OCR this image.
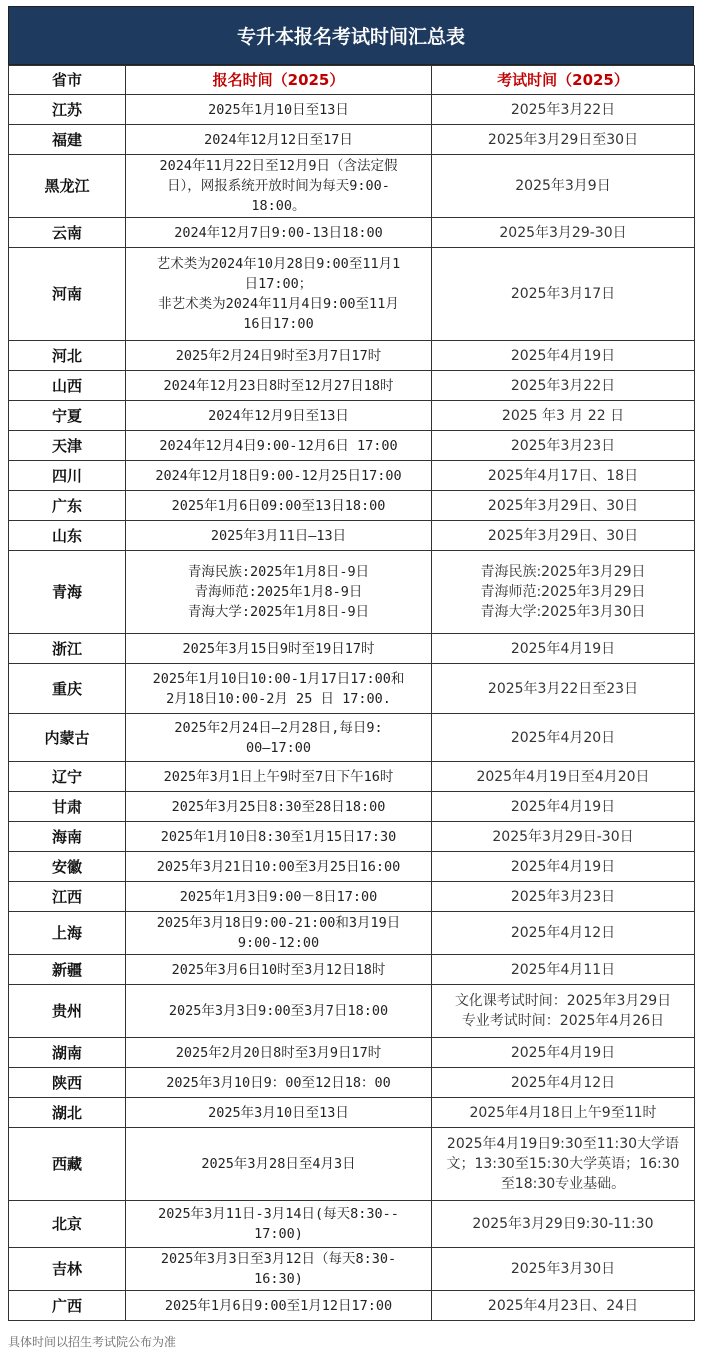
专升本报名考试时间汇总表
省市	报名时间（2025）	考试时间（2025）
江苏	2025年1月10日至13日	2025年3月22日

福建	2024年12月12日至17日	2025年3月29日至30日

黑龙江	2024年11月22日至12月9日（含法定假
日），网报系统开放时间为每天9:00-
18:00。	2025年3月9日

云南	2024年12月7日9:00-13日18:00	2025年3月29-30日

河南	艺术类为2024年10月28日9:00至11月1
日17:00；
非艺术类为2024年11月4日9:00至11月
16日17:00	2025年3月17日

河北	2025年2月24日9时至3月7日17时	2025年4月19日

山西	2024年12月23日8时至12月27日18时	2025年3月22日

宁夏	2024年12月9日至13日	2025 年3 月 22 日

天津	2024年12月4日9:00-12月6日 17:00	2025年3月23日

四川	2024年12月18日9:00-12月25日17:00	2025年4月17日、18日

广东	2025年1月6日09:00至13日18:00	2025年3月29日、30日

山东	2025年3月11日—13日	2025年3月29日、30日

青海	青海民族:2025年1月8日-9日
青海师范:2025年1月8-9日
青海大学:2025年1月8日-9日	青海民族:2025年3月29日
青海师范:2025年3月29日
青海大学:2025年3月30日

浙江	2025年3月15日9时至19日17时	2025年4月19日

重庆	2025年1月10日10:00-1月17日17:00和
2月18日10:00-2月 25 日 17:00.	2025年3月22日至23日

内蒙古	2025年2月24日—2月28日,每日9:
00—17:00	2025年4月20日

辽宁	2025年3月1日上午9时至7日下午16时	2025年4月19日至4月20日

甘肃	2025年3月25日8:30至28日18:00	2025年4月19日

海南	2025年1月10日8:30至1月15日17:30	2025年3月29日-30日

安徽	2025年3月21日10:00至3月25日16:00	2025年4月19日

江西	2025年1月3日9:00－8日17:00	2025年3月23日

上海	2025年3月18日9:00-21:00和3月19日
9:00-12:00	2025年4月12日

新疆	2025年3月6日10时至3月12日18时	2025年4月11日

贵州	2025年3月3日9:00至3月7日18:00	文化课考试时间：2025年3月29日
专业考试时间：2025年4月26日

湖南	2025年2月20日8时至3月9日17时	2025年4月19日

陕西	2025年3月10日9：00至12日18：00	2025年4月12日

湖北	2025年3月10日至13日	2025年4月18日上午9至11时

西藏	2025年3月28日至4月3日	2025年4月19日9:30至11:30大学语
文；13:30至15:30大学英语；16:30
至18:30专业基础。

北京	2025年3月11日-3月14日(每天8:30--
17:00)	2025年3月29日9:30-11:30

吉林	2025年3月3日至3月12日（每天8:30-
16:30)	2025年3月30日

广西	2025年1月6日9:00至1月12日17:00	2025年4月23日、24日
具体时间以招生考试院公布为准
